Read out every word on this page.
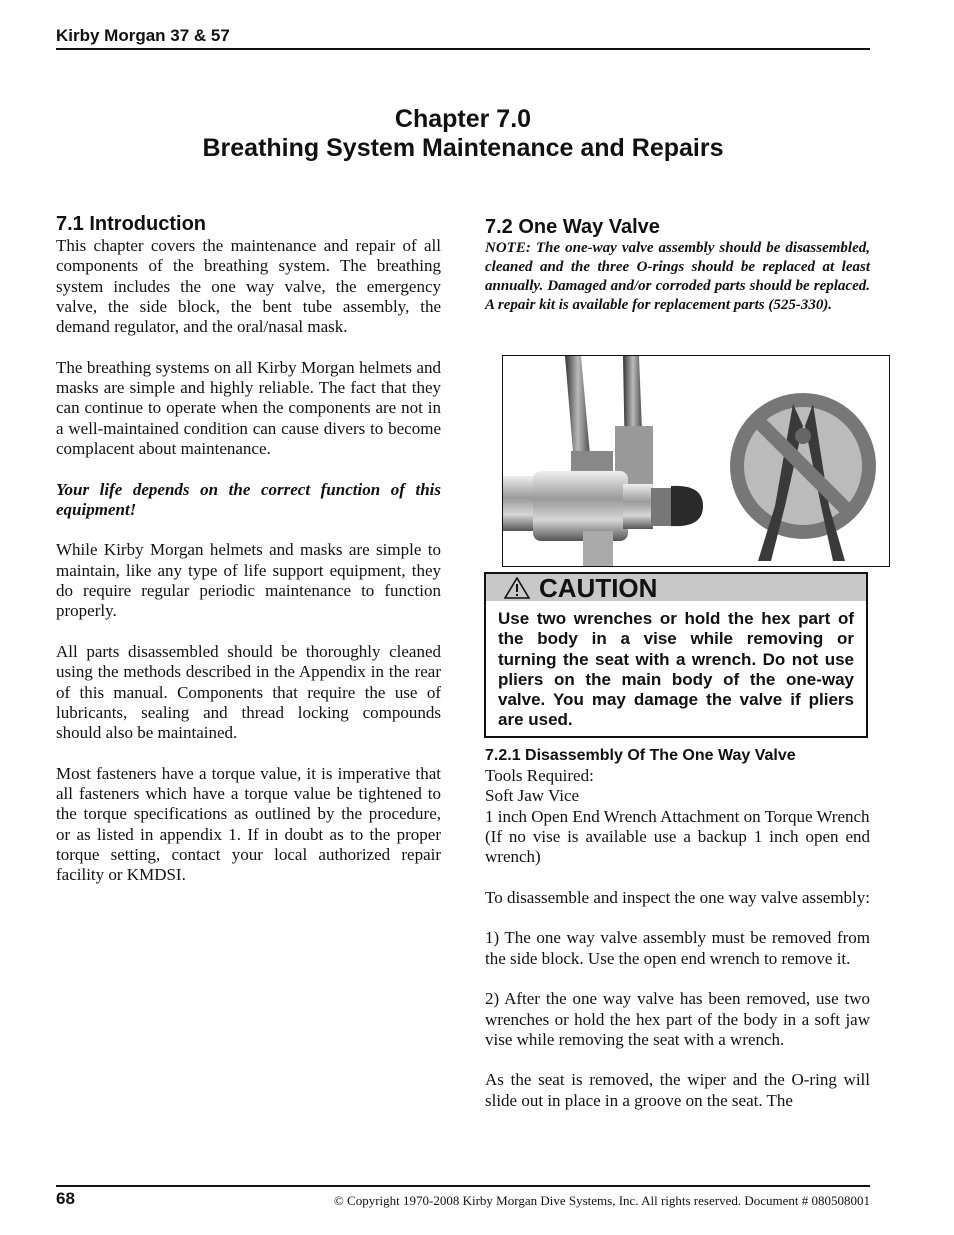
Kirby Morgan 37 & 57
Chapter 7.0
Breathing System Maintenance and Repairs
7.1 Introduction

This chapter covers the maintenance and repair of all components of the breathing system. The breathing system includes the one way valve, the emergency valve, the side block, the bent tube assembly, the demand regulator, and the oral/nasal mask.

The breathing systems on all Kirby Morgan helmets and masks are simple and highly reliable. The fact that they can continue to operate when the components are not in a well-maintained condition can cause divers to become complacent about maintenance.

Your life depends on the correct function of this equipment!

While Kirby Morgan helmets and masks are simple to maintain, like any type of life support equipment, they do require regular periodic maintenance to function properly.

All parts disassembled should be thoroughly cleaned using the methods described in the Appendix in the rear of this manual. Components that require the use of lubricants, sealing and thread locking compounds should also be maintained.

Most fasteners have a torque value, it is imperative that all fasteners which have a torque value be tightened to the torque specifications as outlined by the procedure, or as listed in appendix 1. If in doubt as to the proper torque setting, contact your local authorized repair facility or KMDSI.

7.2 One Way Valve

NOTE: The one-way valve assembly should be disassembled, cleaned and the three O-rings should be replaced at least annually. Damaged and/or corroded parts should be replaced. A repair kit is available for replacement parts (525-330).

CAUTION
Use two wrenches or hold the hex part of the body in a vise while removing or turning the seat with a wrench. Do not use pliers on the main body of the one-way valve. You may damage the valve if pliers are used.
7.2.1 Disassembly Of The One Way Valve
Tools Required:
Soft Jaw Vice
1 inch Open End Wrench Attachment on Torque Wrench

(If no vise is available use a backup 1 inch open end wrench)

To disassemble and inspect the one way valve assembly:

1) The one way valve assembly must be removed from the side block. Use the open end wrench to remove it.

2) After the one way valve has been removed, use two wrenches or hold the hex part of the body in a soft jaw vise while removing the seat with a wrench.

As the seat is removed, the wiper and the O-ring will slide out in place in a groove on the seat. The

68	© Copyright 1970-2008 Kirby Morgan Dive Systems, Inc. All rights reserved. Document # 080508001
